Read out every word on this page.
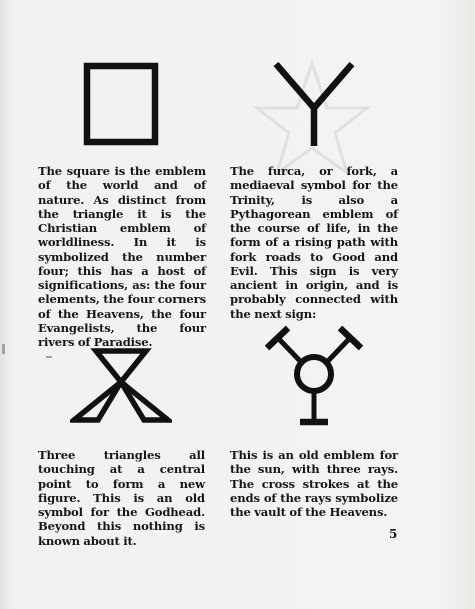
The square is the emblem of the world and of nature. As distinct from the triangle it is the Christian emblem of worldliness. In it is symbolized the number four; this has a host of significations, as: the four elements, the four corners of the Heavens, the four Evangelists, the four rivers of Paradise.

The furca, or fork, a mediaeval symbol for the Trinity, is also a Pythagorean emblem of the course of life, in the form of a rising path with fork roads to Good and Evil. This sign is very ancient in origin, and is probably connected with the next sign:

Three triangles all touching at a central point to form a new figure. This is an old symbol for the Godhead. Beyond this nothing is known about it.

This is an old emblem for the sun, with three rays. The cross strokes at the ends of the rays symbolize the vault of the Heavens.

5
